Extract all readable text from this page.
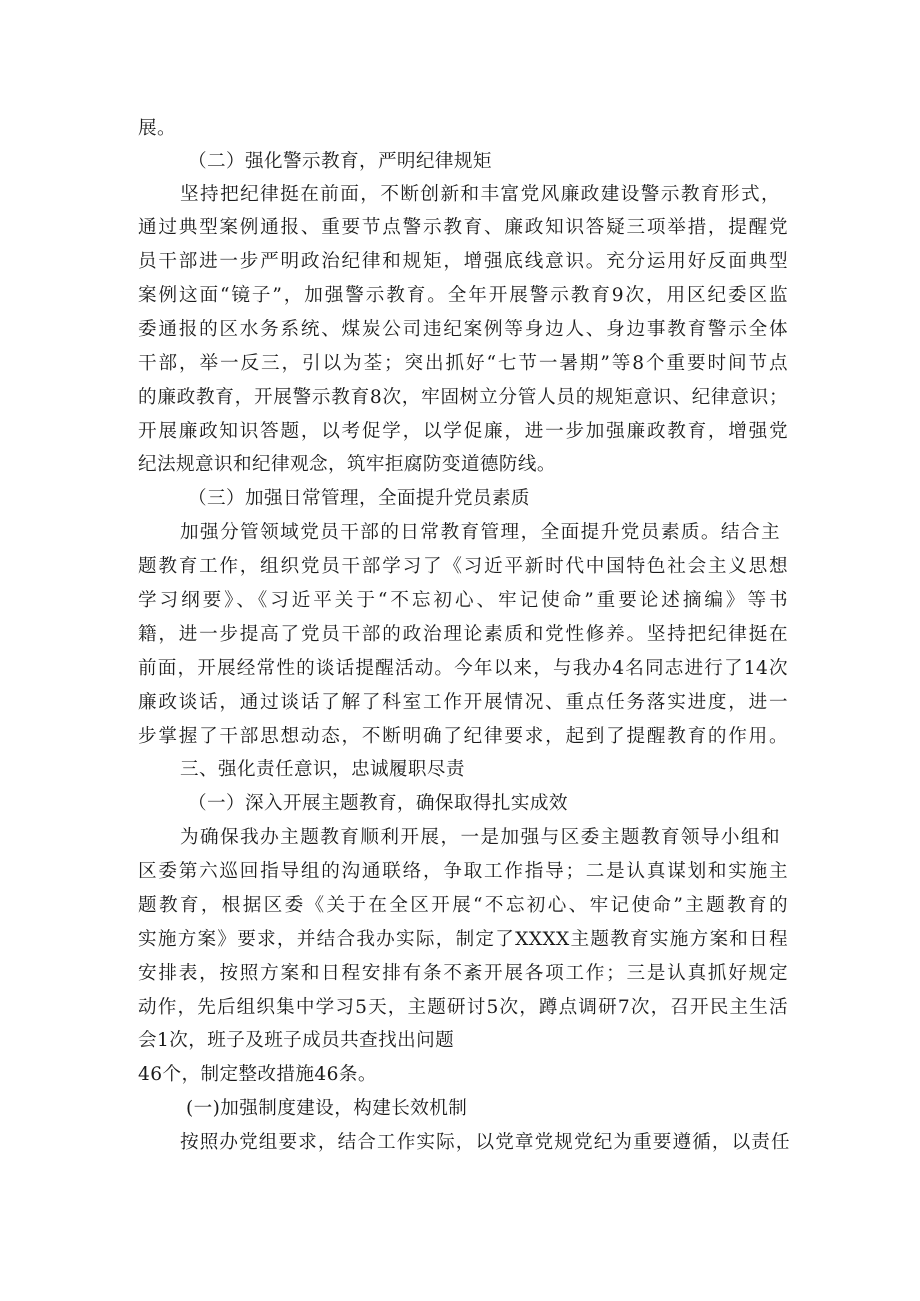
展。
（二）强化警示教育，严明纪律规矩
坚持把纪律挺在前面，不断创新和丰富党风廉政建设警示教育形式，
通过典型案例通报、重要节点警示教育、廉政知识答疑三项举措，提醒党
员干部进一步严明政治纪律和规矩，增强底线意识。充分运用好反面典型
案例这面“镜子”，加强警示教育。全年开展警示教育9次，用区纪委区监
委通报的区水务系统、煤炭公司违纪案例等身边人、身边事教育警示全体
干部，举一反三，引以为荃；突出抓好“七节一暑期”等8个重要时间节点
的廉政教育，开展警示教育8次，牢固树立分管人员的规矩意识、纪律意识；
开展廉政知识答题，以考促学，以学促廉，进一步加强廉政教育，增强党
纪法规意识和纪律观念，筑牢拒腐防变道德防线。
（三）加强日常管理，全面提升党员素质
加强分管领域党员干部的日常教育管理，全面提升党员素质。结合主
题教育工作，组织党员干部学习了《习近平新时代中国特色社会主义思想
学习纲要》、《习近平关于“不忘初心、牢记使命”重要论述摘编》等书
籍，进一步提高了党员干部的政治理论素质和党性修养。坚持把纪律挺在
前面，开展经常性的谈话提醒活动。今年以来，与我办4名同志进行了14次
廉政谈话，通过谈话了解了科室工作开展情况、重点任务落实进度，进一
步掌握了干部思想动态，不断明确了纪律要求，起到了提醒教育的作用。
三、强化责任意识，忠诚履职尽责
（一）深入开展主题教育，确保取得扎实成效
为确保我办主题教育顺利开展，一是加强与区委主题教育领导小组和
区委第六巡回指导组的沟通联络，争取工作指导；二是认真谋划和实施主
题教育，根据区委《关于在全区开展“不忘初心、牢记使命”主题教育的
实施方案》要求，并结合我办实际，制定了XXXX主题教育实施方案和日程
安排表，按照方案和日程安排有条不紊开展各项工作；三是认真抓好规定
动作，先后组织集中学习5天，主题研讨5次，蹲点调研7次，召开民主生活
会1次，班子及班子成员共查找出问题
46个，制定整改措施46条。
(一)加强制度建设，构建长效机制
按照办党组要求，结合工作实际，以党章党规党纪为重要遵循，以责任
